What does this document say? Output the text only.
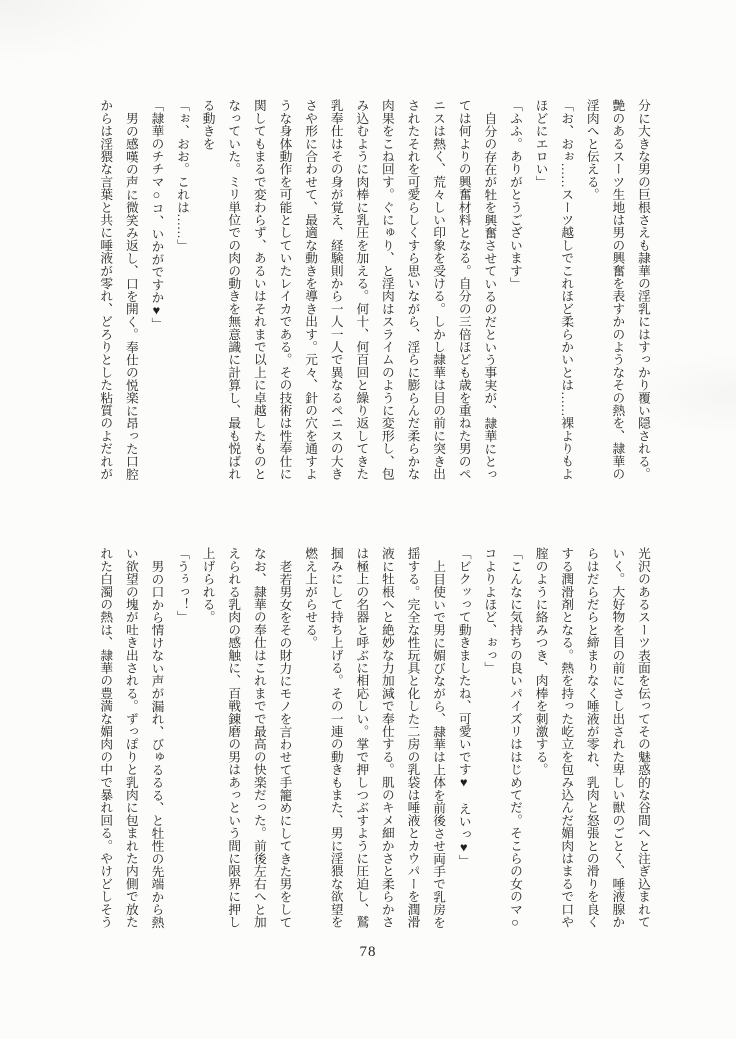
分に大きな男の巨根さえも隷華の淫乳にはすっかり覆い隠される。
艶のあるスーツ生地は男の興奮を表すかのようなその熱を、隷華の
淫肉へと伝える。
「お、おぉ……スーツ越しでこれほど柔らかいとは……裸よりもよ
ほどにエロい」
「ふふ。ありがとうございます」
自分の存在が牡を興奮させているのだという事実が、隷華にとっ
ては何よりの興奮材料となる。自分の三倍ほども歳を重ねた男のペ
ニスは熱く、荒々しい印象を受ける。しかし隷華は目の前に突き出
されたそれを可愛らしくすら思いながら、淫らに膨らんだ柔らかな
肉果をこね回す。ぐにゅり、と淫肉はスライムのように変形し、包
み込むように肉棒に乳圧を加える。何十、何百回と繰り返してきた
乳奉仕はその身が覚え、経験則から一人一人で異なるペニスの大き
さや形に合わせて、最適な動きを導き出す。元々、針の穴を通すよ
うな身体動作を可能としていたレイカである。その技術は性奉仕に
関してもまるで変わらず、あるいはそれまで以上に卓越したものと
なっていた。ミリ単位での肉の動きを無意識に計算し、最も悦ばれ
る動きを
「ぉ、おお。これは……」
「隷華のチチマ○コ、いかがですか♥」
男の感嘆の声に微笑み返し、口を開く。奉仕の悦楽に昂った口腔
からは淫猥な言葉と共に唾液が零れ、どろりとした粘質のよだれが
光沢のあるスーツ表面を伝ってその魅惑的な谷間へと注ぎ込まれて
いく。大好物を目の前にさし出された卑しい獣のごとく、唾液腺か
らはだらだらと締まりなく唾液が零れ、乳肉と怒張との滑りを良く
する潤滑剤となる。熱を持った屹立を包み込んだ媚肉はまるで口や
腟のように絡みつき、肉棒を刺激する。
「こんなに気持ちの良いパイズリははじめてだ。そこらの女のマ○
コよりよほど、ぉっ」
「ビクッって動きましたね、可愛いです♥　えいっ♥」
上目使いで男に媚びながら、隷華は上体を前後させ両手で乳房を
揺する。完全な性玩具と化した二房の乳袋は唾液とカウパーを潤滑
液に牡根へと絶妙な力加減で奉仕する。肌のキメ細かさと柔らかさ
は極上の名器と呼ぶに相応しい。掌で押しつぶすように圧迫し、鷲
掴みにして持ち上げる。その一連の動きもまた、男に淫猥な欲望を
燃え上がらせる。
老若男女をその財力にモノを言わせて手籠めにしてきた男をして
なお、隷華の奉仕はこれまでで最高の快楽だった。前後左右へと加
えられる乳肉の感触に、百戦錬磨の男はあっという間に限界に押し
上げられる。
「うぅっ！」
男の口から情けない声が漏れ、びゅるるる、と牡性の先端から熱
い欲望の塊が吐き出される。ずっぽりと乳肉に包まれた内側で放た
れた白濁の熱は、隷華の豊満な媚肉の中で暴れ回る。やけどしそう
78
